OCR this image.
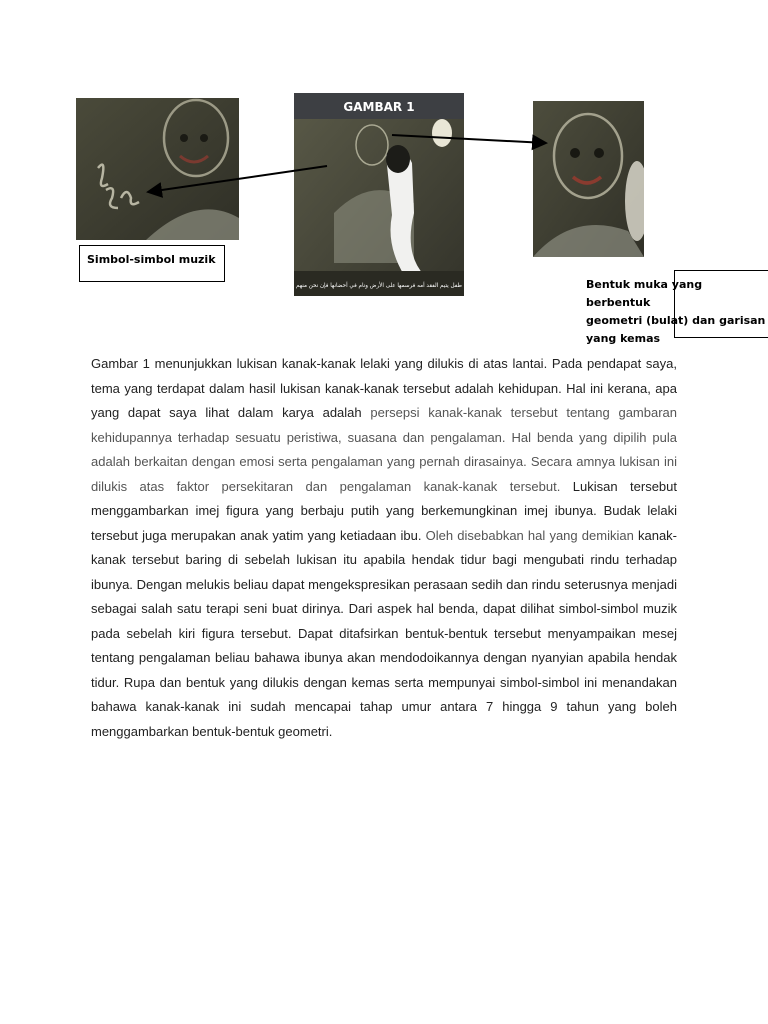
GAMBAR 1
طفل يتيم الفقد أمه فرسمها على الأرض ونام في أحضانها فإن نحن منهم
Simbol-simbol muzik
Bentuk muka yang berbentuk
geometri (bulat) dan garisan
yang kemas

Gambar 1 menunjukkan lukisan kanak-kanak lelaki yang dilukis di atas lantai. Pada pendapat saya, tema yang terdapat dalam hasil lukisan kanak-kanak tersebut adalah kehidupan. Hal ini kerana, apa yang dapat saya lihat dalam karya adalah persepsi kanak-kanak tersebut tentang gambaran kehidupannya terhadap sesuatu peristiwa, suasana dan pengalaman. Hal benda yang dipilih pula adalah berkaitan dengan emosi serta pengalaman yang pernah dirasainya. Secara amnya lukisan ini dilukis atas faktor persekitaran dan pengalaman kanak-kanak tersebut. Lukisan tersebut menggambarkan imej figura yang berbaju putih yang berkemungkinan imej ibunya. Budak lelaki tersebut juga merupakan anak yatim yang ketiadaan ibu. Oleh disebabkan hal yang demikian kanak-kanak tersebut baring di sebelah lukisan itu apabila hendak tidur bagi mengubati rindu terhadap ibunya. Dengan melukis beliau dapat mengekspresikan perasaan sedih dan rindu seterusnya menjadi sebagai salah satu terapi seni buat dirinya. Dari aspek hal benda, dapat dilihat simbol-simbol muzik pada sebelah kiri figura tersebut. Dapat ditafsirkan bentuk-bentuk tersebut menyampaikan mesej tentang pengalaman beliau bahawa ibunya akan mendodoikannya dengan nyanyian apabila hendak tidur. Rupa dan bentuk yang dilukis dengan kemas serta mempunyai simbol-simbol ini menandakan bahawa kanak-kanak ini sudah mencapai tahap umur antara 7 hingga 9 tahun yang boleh menggambarkan bentuk-bentuk geometri.
